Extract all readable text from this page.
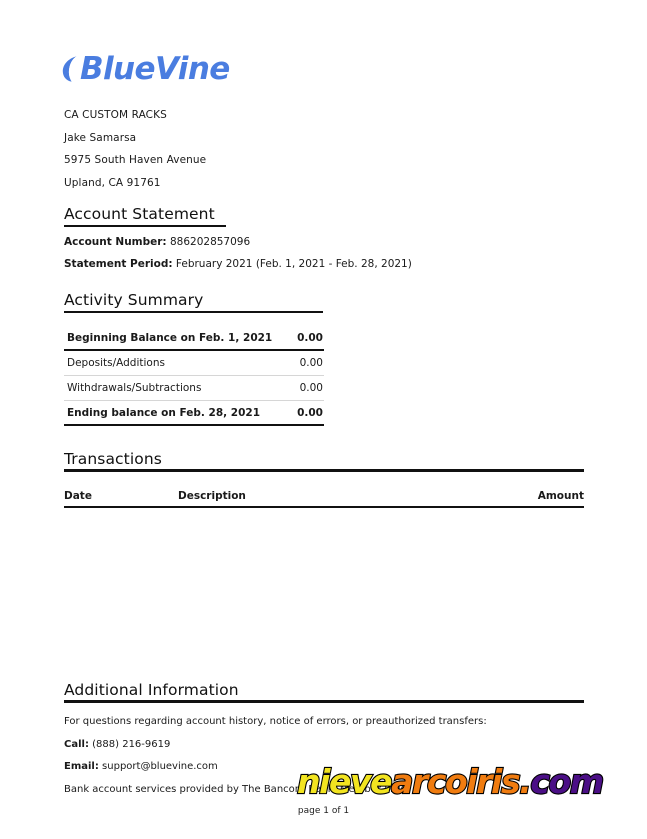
BlueVine
CA CUSTOM RACKS
Jake Samarsa
5975 South Haven Avenue
Upland, CA 91761
Account Statement
Account Number: 886202857096
Statement Period: February 2021 (Feb. 1, 2021 - Feb. 28, 2021)
Activity Summary
Beginning Balance on Feb. 1, 2021 0.00
Deposits/Additions	0.00
Withdrawals/Subtractions	0.00
Ending balance on Feb. 28, 2021	0.00
Transactions
Date	Description	Amount
Additional Information
For questions regarding account history, notice of errors, or preauthorized transfers:
Call: (888) 216-9619
Email: support@bluevine.com
Bank account services provided by The Bancorp Bank, Member FDIC
nievearcoiris.com
page 1 of 1
